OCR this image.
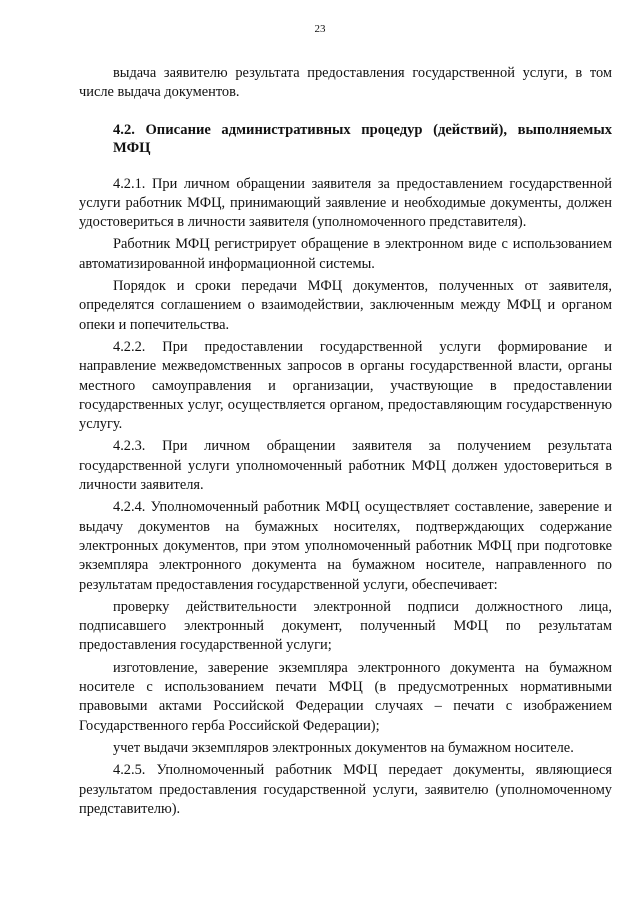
23

выдача заявителю результата предоставления государственной услуги, в том числе выдача документов.

4.2. Описание административных процедур (действий), выполняемых МФЦ

4.2.1. При личном обращении заявителя за предоставлением государственной услуги работник МФЦ, принимающий заявление и необходимые документы, должен удостовериться в личности заявителя (уполномоченного представителя).

Работник МФЦ регистрирует обращение в электронном виде с использованием автоматизированной информационной системы.

Порядок и сроки передачи МФЦ документов, полученных от заявителя, определятся соглашением о взаимодействии, заключенным между МФЦ и органом опеки и попечительства.

4.2.2. При предоставлении государственной услуги формирование и направление межведомственных запросов в органы государственной власти, органы местного самоуправления и организации, участвующие в предоставлении государственных услуг, осуществляется органом, предоставляющим государственную услугу.

4.2.3. При личном обращении заявителя за получением результата государственной услуги уполномоченный работник МФЦ должен удостовериться в личности заявителя.

4.2.4. Уполномоченный работник МФЦ осуществляет составление, заверение и выдачу документов на бумажных носителях, подтверждающих содержание электронных документов, при этом уполномоченный работник МФЦ при подготовке экземпляра электронного документа на бумажном носителе, направленного по результатам предоставления государственной услуги, обеспечивает:

проверку действительности электронной подписи должностного лица, подписавшего электронный документ, полученный МФЦ по результатам предоставления государственной услуги;

изготовление, заверение экземпляра электронного документа на бумажном носителе с использованием печати МФЦ (в предусмотренных нормативными правовыми актами Российской Федерации случаях – печати с изображением Государственного герба Российской Федерации);

учет выдачи экземпляров электронных документов на бумажном носителе.

4.2.5. Уполномоченный работник МФЦ передает документы, являющиеся результатом предоставления государственной услуги, заявителю (уполномоченному представителю).
